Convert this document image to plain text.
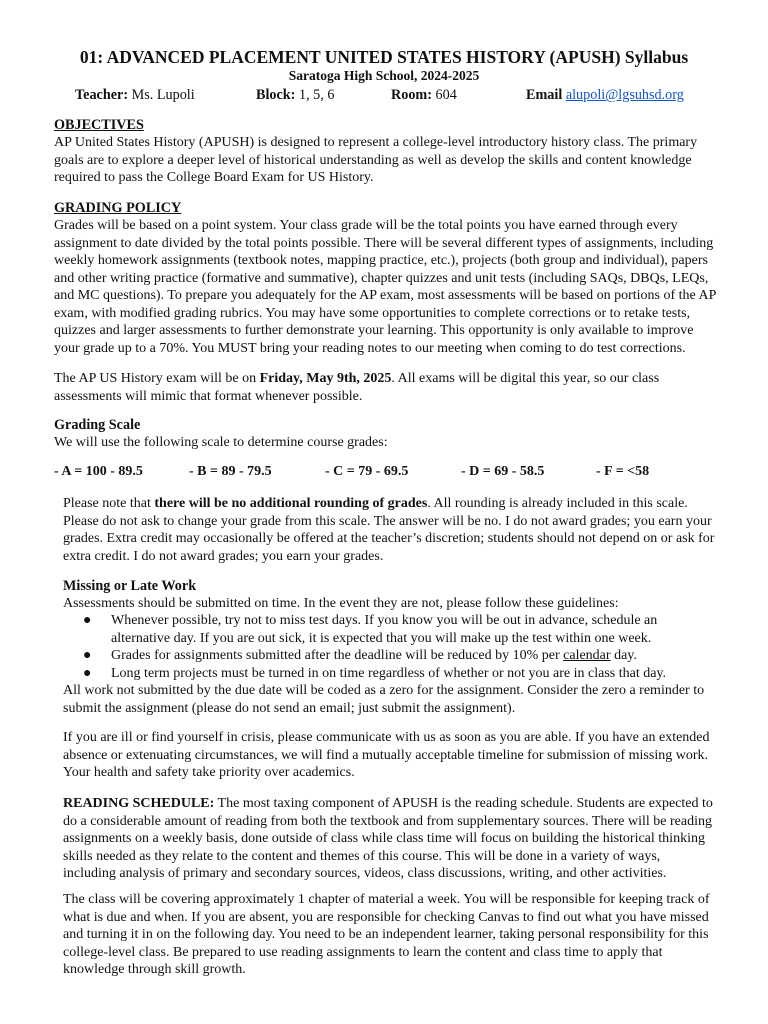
01: ADVANCED PLACEMENT UNITED STATES HISTORY (APUSH) Syllabus
Saratoga High School, 2024-2025
Teacher: Ms. Lupoli	Block: 1, 5, 6	Room: 604	Email alupoli@lgsuhsd.org
OBJECTIVES
AP United States History (APUSH) is designed to represent a college-level introductory history class. The primary goals are to explore a deeper level of historical understanding as well as develop the skills and content knowledge required to pass the College Board Exam for US History.
GRADING POLICY
Grades will be based on a point system. Your class grade will be the total points you have earned through every assignment to date divided by the total points possible. There will be several different types of assignments, including weekly homework assignments (textbook notes, mapping practice, etc.), projects (both group and individual), papers and other writing practice (formative and summative), chapter quizzes and unit tests (including SAQs, DBQs, LEQs, and MC questions). To prepare you adequately for the AP exam, most assessments will be based on portions of the AP exam, with modified grading rubrics. You may have some opportunities to complete corrections or to retake tests, quizzes and larger assessments to further demonstrate your learning. This opportunity is only available to improve your grade up to a 70%. You MUST bring your reading notes to our meeting when coming to do test corrections.
The AP US History exam will be on Friday, May 9th, 2025. All exams will be digital this year, so our class assessments will mimic that format whenever possible.
Grading Scale
We will use the following scale to determine course grades:
- A = 100 - 89.5	- B = 89 - 79.5	- C = 79 - 69.5	- D = 69 - 58.5	- F = <58
Please note that there will be no additional rounding of grades. All rounding is already included in this scale. Please do not ask to change your grade from this scale. The answer will be no. I do not award grades; you earn your grades. Extra credit may occasionally be offered at the teacher’s discretion; students should not depend on or ask for extra credit. I do not award grades; you earn your grades.
Missing or Late Work
Assessments should be submitted on time. In the event they are not, please follow these guidelines:
● Whenever possible, try not to miss test days. If you know you will be out in advance, schedule an alternative day. If you are out sick, it is expected that you will make up the test within one week.
● Grades for assignments submitted after the deadline will be reduced by 10% per calendar day.
● Long term projects must be turned in on time regardless of whether or not you are in class that day.
All work not submitted by the due date will be coded as a zero for the assignment. Consider the zero a reminder to submit the assignment (please do not send an email; just submit the assignment).
If you are ill or find yourself in crisis, please communicate with us as soon as you are able. If you have an extended absence or extenuating circumstances, we will find a mutually acceptable timeline for submission of missing work. Your health and safety take priority over academics.
READING SCHEDULE: The most taxing component of APUSH is the reading schedule. Students are expected to do a considerable amount of reading from both the textbook and from supplementary sources. There will be reading assignments on a weekly basis, done outside of class while class time will focus on building the historical thinking skills needed as they relate to the content and themes of this course. This will be done in a variety of ways, including analysis of primary and secondary sources, videos, class discussions, writing, and other activities.
The class will be covering approximately 1 chapter of material a week. You will be responsible for keeping track of what is due and when. If you are absent, you are responsible for checking Canvas to find out what you have missed and turning it in on the following day. You need to be an independent learner, taking personal responsibility for this college-level class. Be prepared to use reading assignments to learn the content and class time to apply that knowledge through skill growth.
